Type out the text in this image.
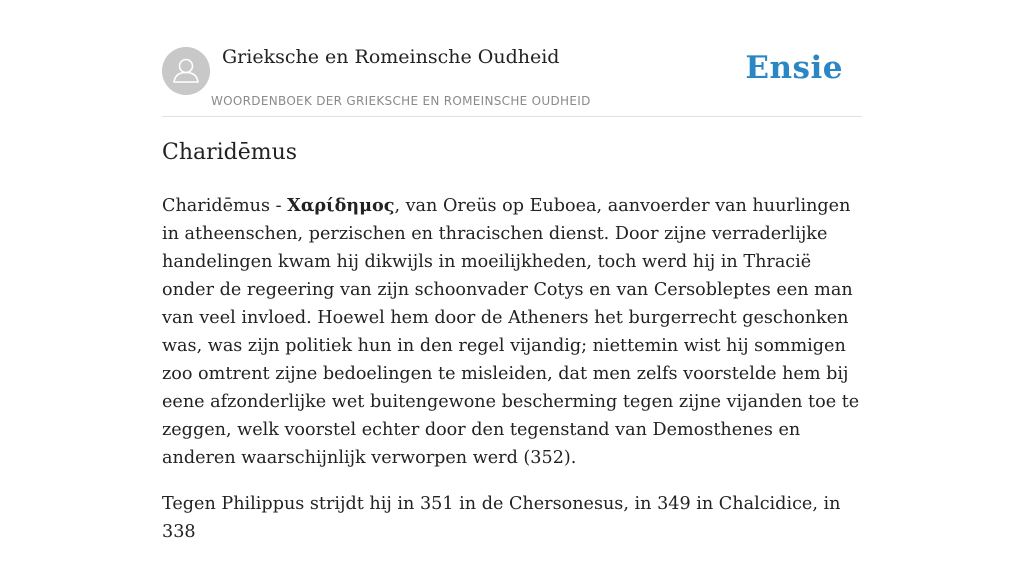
Grieksche en Romeinsche Oudheid
WOORDENBOEK DER GRIEKSCHE EN ROMEINSCHE OUDHEID
Ensie
Charidēmus

Charidēmus - Χαρίδημος, van Oreüs op Euboea, aanvoerder van huurlingen in atheenschen, perzischen en thracischen dienst. Door zijne verraderlijke handelingen kwam hij dikwijls in moeilijkheden, toch werd hij in Thracië onder de regeering van zijn schoonvader Cotys en van Cersobleptes een man van veel invloed. Hoewel hem door de Atheners het burgerrecht geschonken was, was zijn politiek hun in den regel vijandig; niettemin wist hij sommigen zoo omtrent zijne bedoelingen te misleiden, dat men zelfs voorstelde hem bij eene afzonderlijke wet buitengewone bescherming tegen zijne vijanden toe te zeggen, welk voorstel echter door den tegenstand van Demosthenes en anderen waarschijnlijk verworpen werd (352).

Tegen Philippus strijdt hij in 351 in de Chersonesus, in 349 in Chalcidice, in 338
